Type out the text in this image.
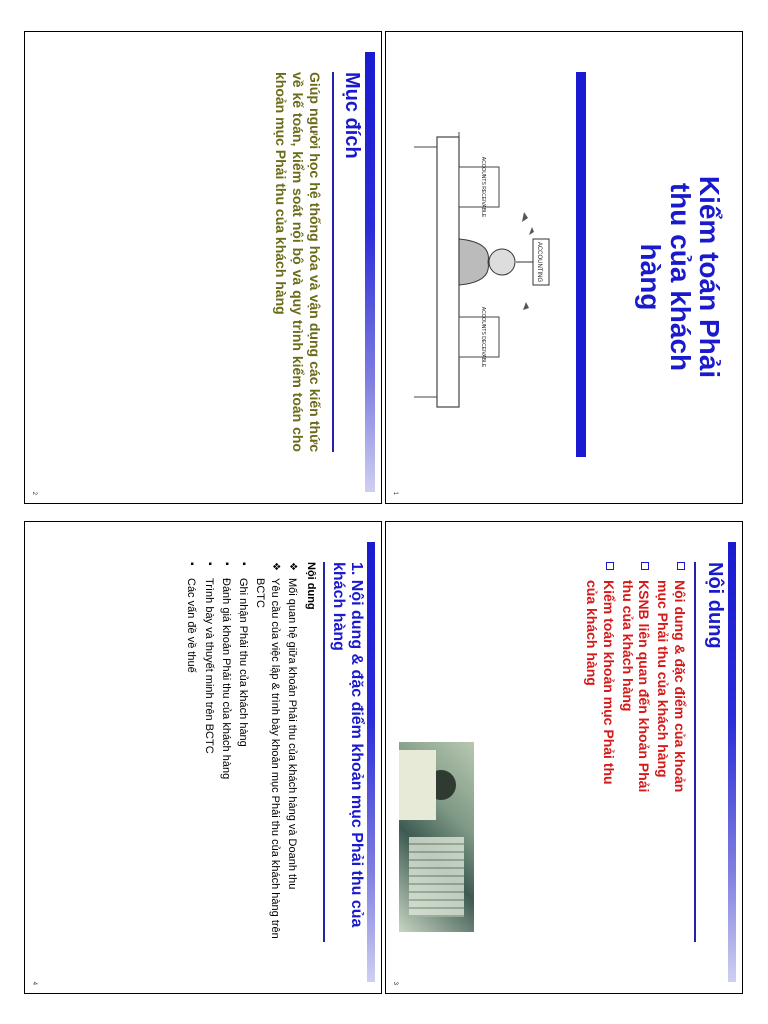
Kiểm toán Phải thu của khách hàng
ACCOUNTING
ACCOUNTS RECEIVABLE
ACCOUNTS DECEIVABLE
1
Mục đích
Giúp người học hệ thống hóa và vận dụng các kiến thức về kế toán, kiểm soát nội bộ và quy trình kiểm toán cho khoản mục Phải thu của khách hàng
2
Nội dung
Nội dung & đặc điểm của khoản mục Phải thu của khách hàng
KSNB liên quan đến khoản Phải thu của khách hàng
Kiểm toán khoản mục Phải thu của khách hàng
3
1. Nội dung & đặc điểm khoản mục Phải thu của khách hàng
Nội dung
❖
Mối quan hệ giữa khoản Phải thu của khách hàng và Doanh thu
❖
Yêu cầu của việc lập & trình bày khoản mục Phải thu của khách hàng trên BCTC
▪
Ghi nhận Phải thu của khách hàng
▪
Đánh giá khoản Phải thu của khách hàng
▪
Trình bày và thuyết minh trên BCTC
▪
Các vấn đề về thuế
4
